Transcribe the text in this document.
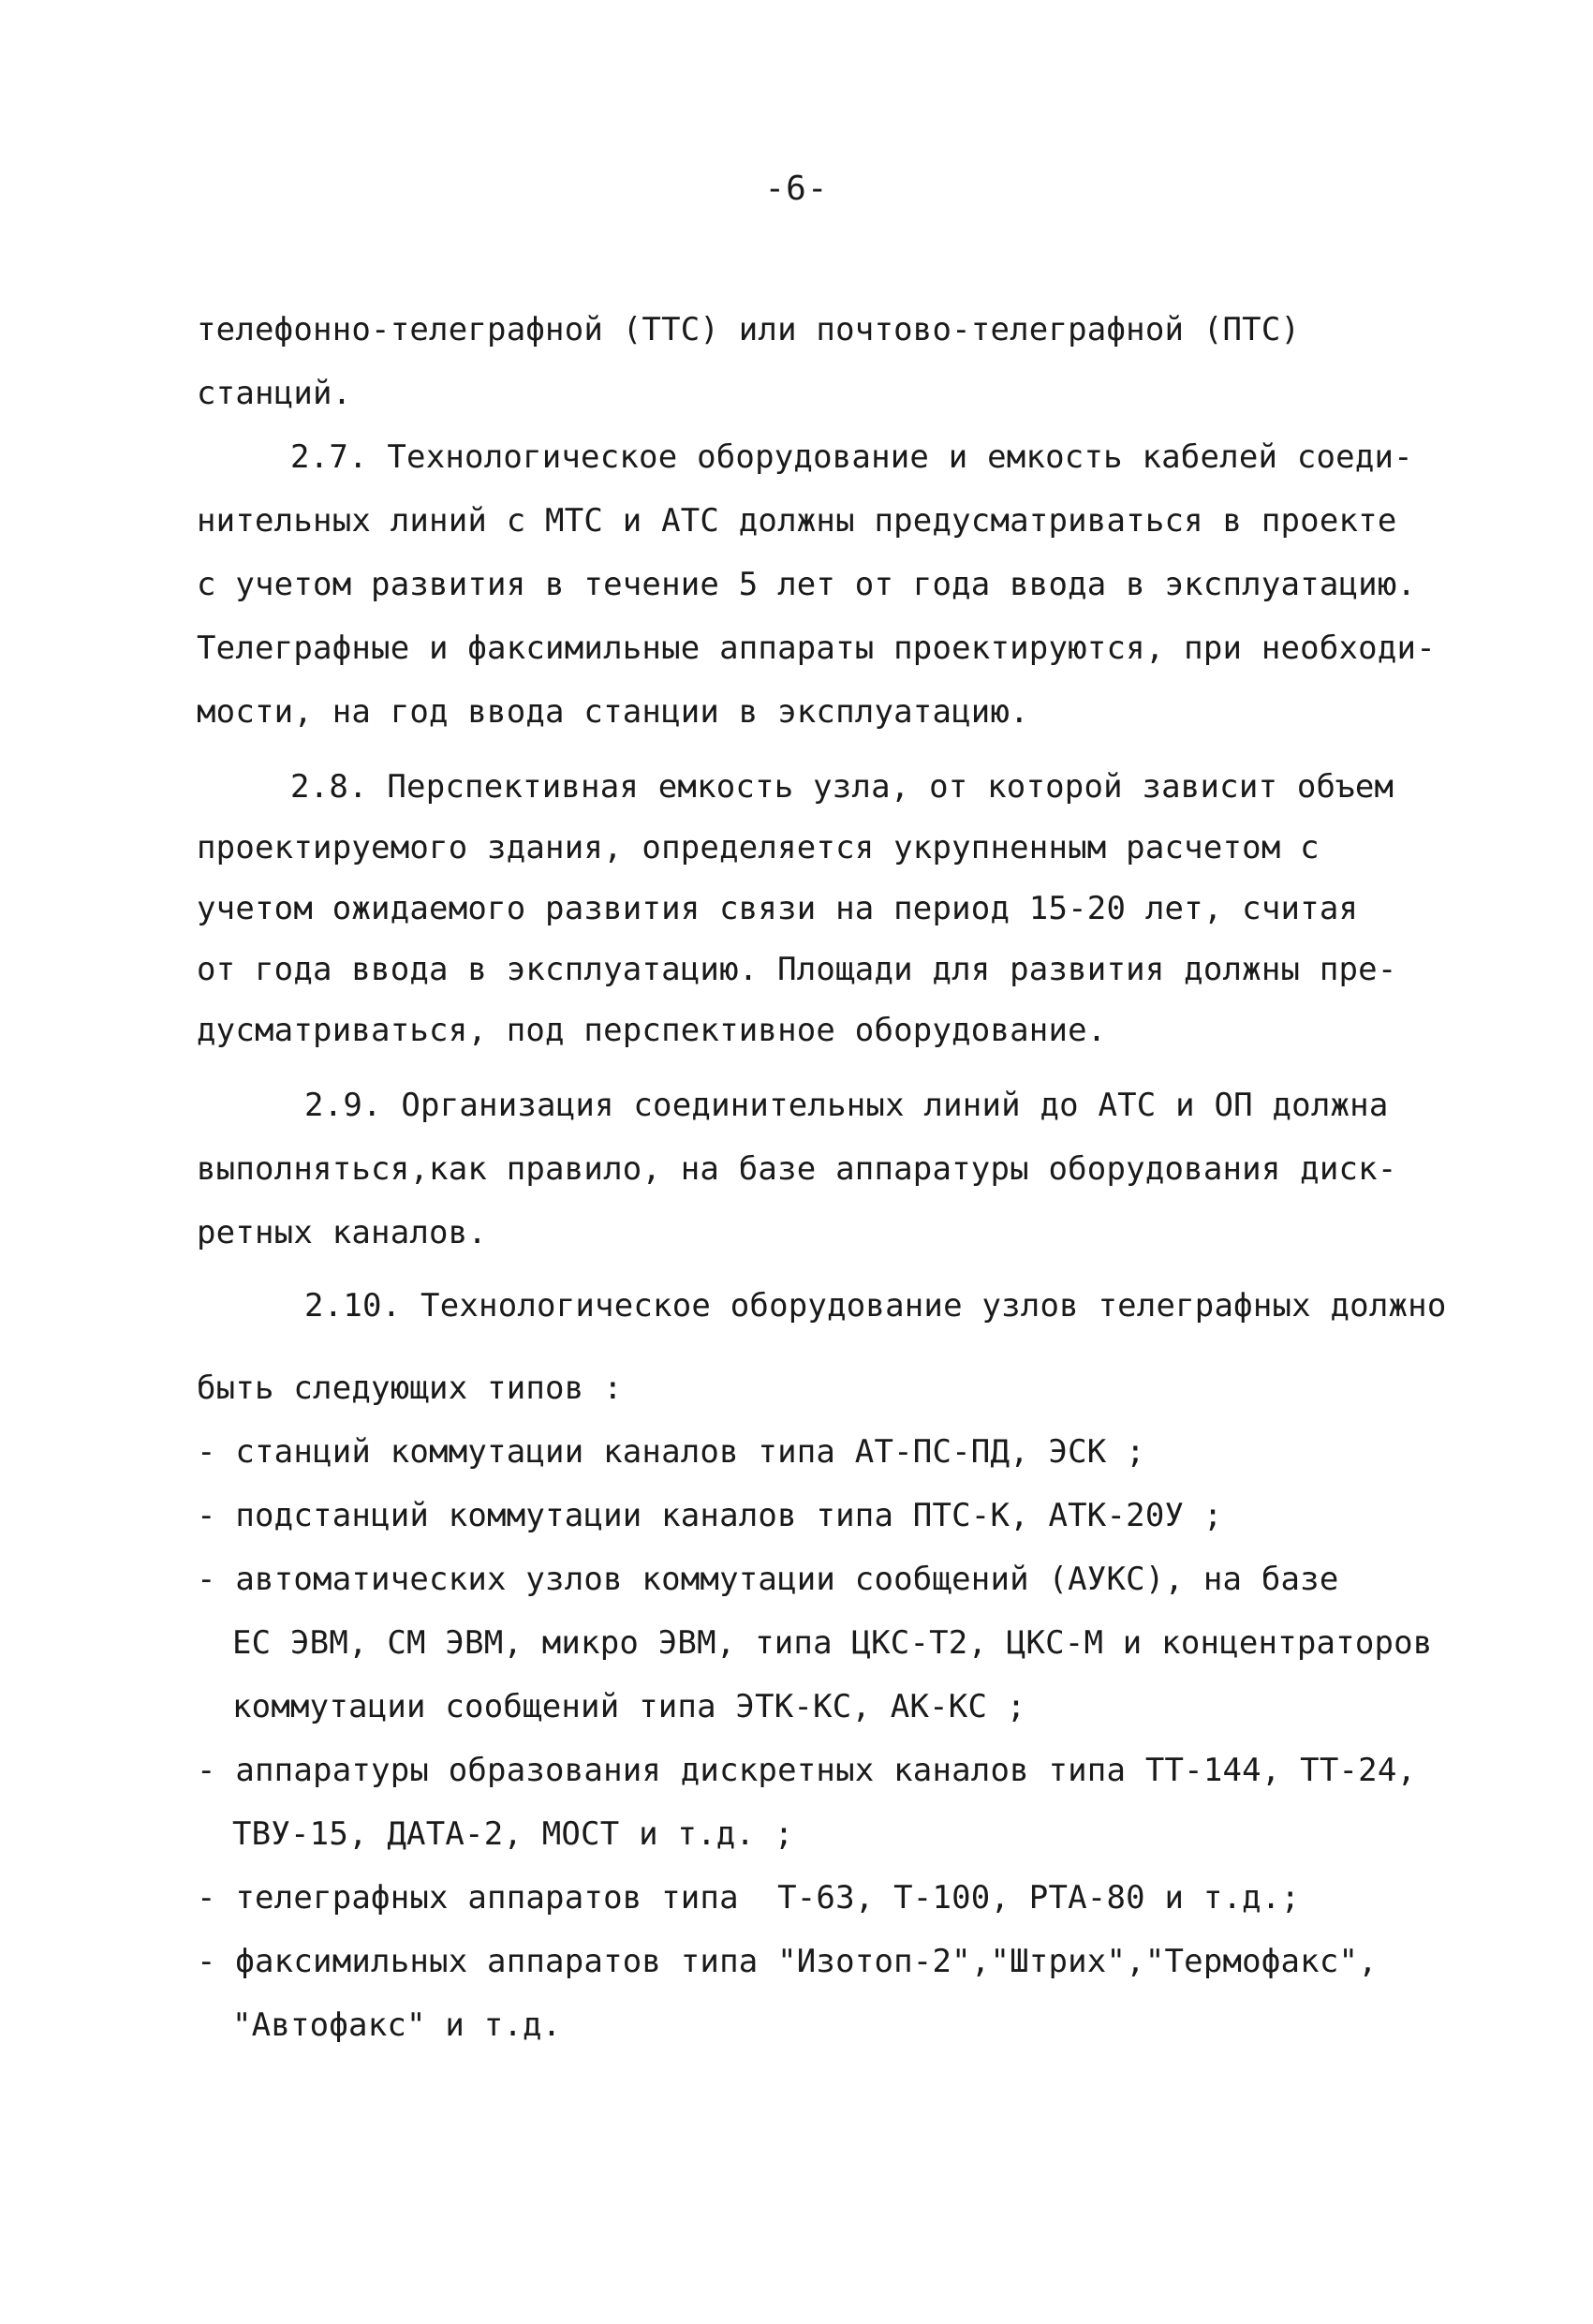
-6-
телефонно-телеграфной (ТТС) или почтово-телеграфной (ПТС)
станций.
2.7. Технологическое оборудование и емкость кабелей соеди-
нительных линий с МТС и АТС должны предусматриваться в проекте
с учетом развития в течение 5 лет от года ввода в эксплуатацию.
Телеграфные и факсимильные аппараты проектируются, при необходи-
мости, на год ввода станции в эксплуатацию.
2.8. Перспективная емкость узла, от которой зависит объем
проектируемого здания, определяется укрупненным расчетом с
учетом ожидаемого развития связи на период 15-20 лет, считая
от года ввода в эксплуатацию. Площади для развития должны пре-
дусматриваться, под перспективное оборудование.
2.9. Организация соединительных линий до АТС и ОП должна
выполняться,как правило, на базе аппаратуры оборудования диск-
ретных каналов.
2.10. Технологическое оборудование узлов телеграфных должно
быть следующих типов :
- станций коммутации каналов типа АТ-ПС-ПД, ЭСК ;
- подстанций коммутации каналов типа ПТС-К, АТК-20У ;
- автоматических узлов коммутации сообщений (АУКС), на базе
ЕС ЭВМ, СМ ЭВМ, микро ЭВМ, типа ЦКС-Т2, ЦКС-М и концентраторов
коммутации сообщений типа ЭТК-КС, АК-КС ;
- аппаратуры образования дискретных каналов типа ТТ-144, ТТ-24,
ТВУ-15, ДАТА-2, МОСТ и т.д. ;
- телеграфных аппаратов типа  Т-63, Т-100, РТА-80 и т.д.;
- факсимильных аппаратов типа "Изотоп-2","Штрих","Термофакс",
"Автофакс" и т.д.
